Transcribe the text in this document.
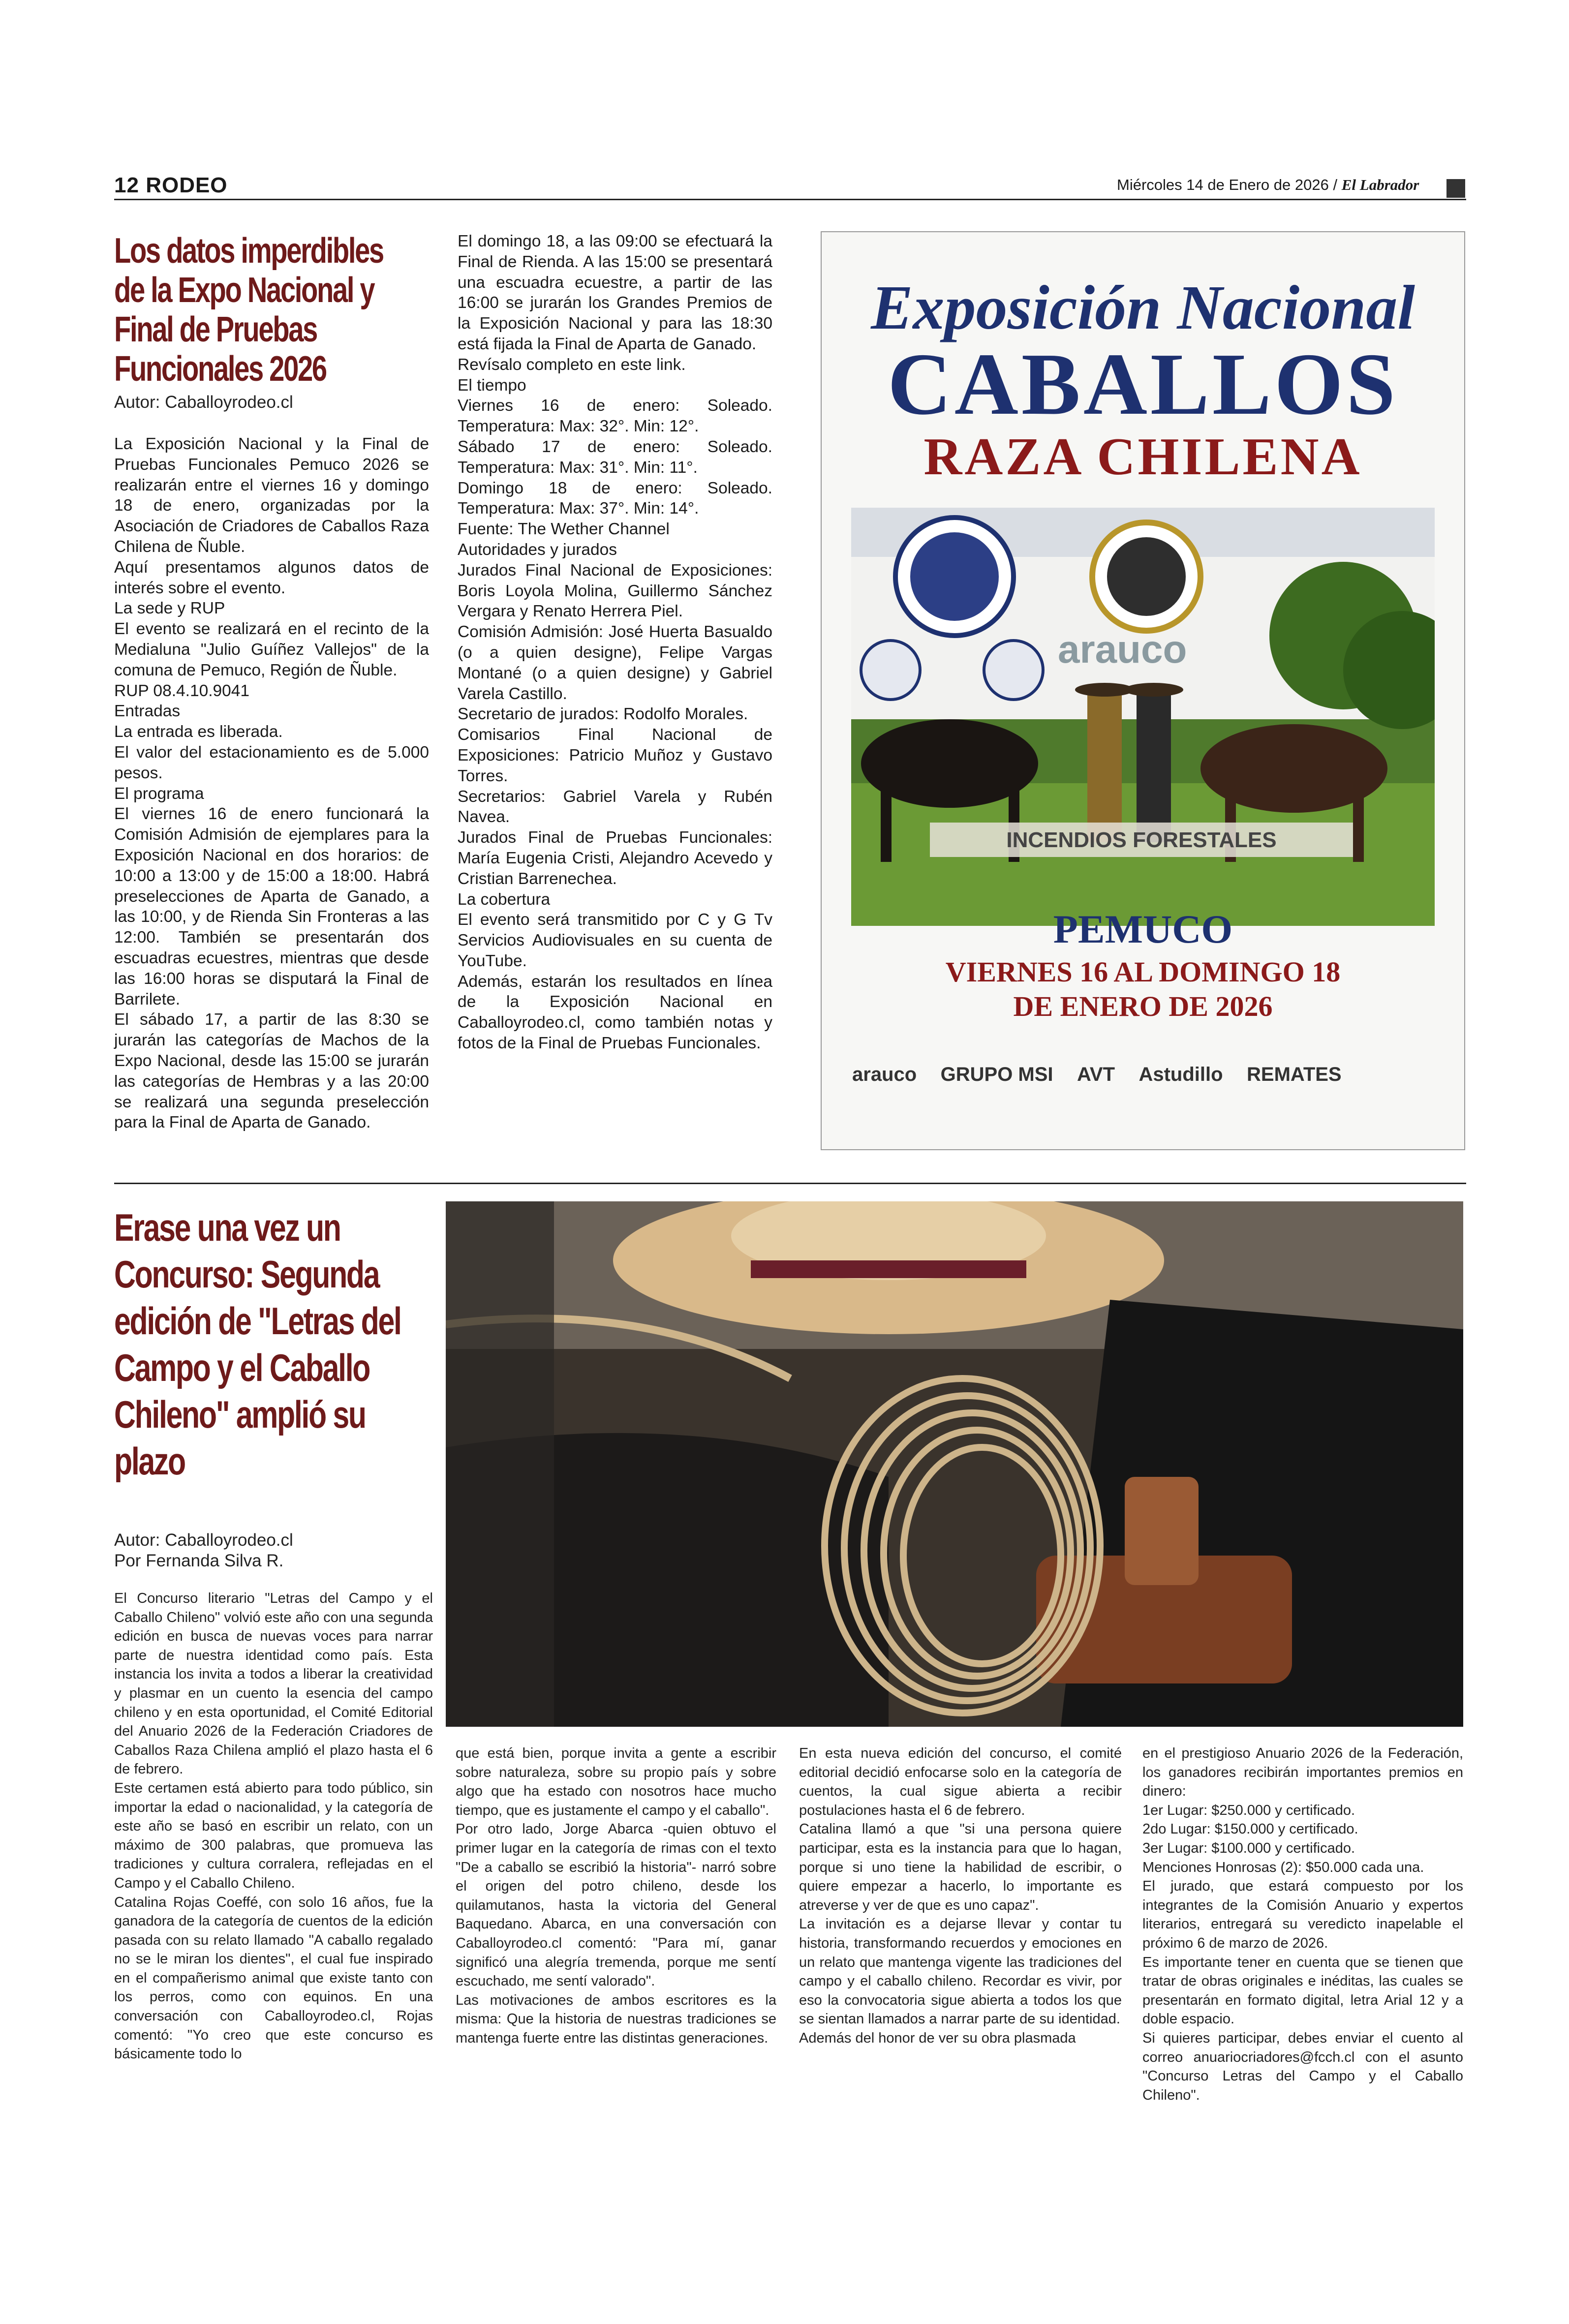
12 RODEO	Miércoles 14 de Enero de 2026 / El Labrador
Los datos imperdibles de la Expo Nacional y Final de Pruebas Funcionales 2026
Autor: Caballoyrodeo.cl

La Exposición Nacional y la Final de Pruebas Funcionales Pemuco 2026 se realizarán entre el viernes 16 y domingo 18 de enero, organizadas por la Asociación de Criadores de Caballos Raza Chilena de Ñuble.

Aquí presentamos algunos datos de interés sobre el evento.

La sede y RUP

El evento se realizará en el recinto de la Medialuna "Julio Guíñez Vallejos" de la comuna de Pemuco, Región de Ñuble.

RUP 08.4.10.9041

Entradas

La entrada es liberada.

El valor del estacionamiento es de 5.000 pesos.

El programa

El viernes 16 de enero funcionará la Comisión Admisión de ejemplares para la Exposición Nacional en dos horarios: de 10:00 a 13:00 y de 15:00 a 18:00. Habrá preselecciones de Aparta de Ganado, a las 10:00, y de Rienda Sin Fronteras a las 12:00. También se presentarán dos escuadras ecuestres, mientras que desde las 16:00 horas se disputará la Final de Barrilete.

El sábado 17, a partir de las 8:30 se jurarán las categorías de Machos de la Expo Nacional, desde las 15:00 se jurarán las categorías de Hembras y a las 20:00 se realizará una segunda preselección para la Final de Aparta de Ganado.

El domingo 18, a las 09:00 se efectuará la Final de Rienda. A las 15:00 se presentará una escuadra ecuestre, a partir de las 16:00 se jurarán los Grandes Premios de la Exposición Nacional y para las 18:30 está fijada la Final de Aparta de Ganado.

Revísalo completo en este link.

El tiempo

Viernes 16 de enero: Soleado. Temperatura: Max: 32°. Min: 12°.

Sábado 17 de enero: Soleado. Temperatura: Max: 31°. Min: 11°.

Domingo 18 de enero: Soleado. Temperatura: Max: 37°. Min: 14°.

Fuente: The Wether Channel

Autoridades y jurados

Jurados Final Nacional de Exposiciones: Boris Loyola Molina, Guillermo Sánchez Vergara y Renato Herrera Piel.

Comisión Admisión: José Huerta Basualdo (o a quien designe), Felipe Vargas Montané (o a quien designe) y Gabriel Varela Castillo.

Secretario de jurados: Rodolfo Morales.

Comisarios Final Nacional de Exposiciones: Patricio Muñoz y Gustavo Torres.

Secretarios: Gabriel Varela y Rubén Navea.

Jurados Final de Pruebas Funcionales: María Eugenia Cristi, Alejandro Acevedo y Cristian Barrenechea.

La cobertura

El evento será transmitido por C y G Tv Servicios Audiovisuales en su cuenta de YouTube.

Además, estarán los resultados en línea de la Exposición Nacional en Caballoyrodeo.cl, como también notas y fotos de la Final de Pruebas Funcionales.

Exposición Nacional
CABALLOS
RAZA CHILENA
arauco
INCENDIOS FORESTALES
PEMUCO
VIERNES 16 AL DOMINGO 18
DE ENERO DE 2026
arauco GRUPO MSI AVT Astudillo REMATES
Erase una vez un Concurso: Segunda edición de "Letras del Campo y el Caballo Chileno" amplió su plazo
Autor: Caballoyrodeo.cl
Por Fernanda Silva R.

El Concurso literario "Letras del Campo y el Caballo Chileno" volvió este año con una segunda edición en busca de nuevas voces para narrar parte de nuestra identidad como país. Esta instancia los invita a todos a liberar la creatividad y plasmar en un cuento la esencia del campo chileno y en esta oportunidad, el Comité Editorial del Anuario 2026 de la Federación Criadores de Caballos Raza Chilena amplió el plazo hasta el 6 de febrero.

Este certamen está abierto para todo público, sin importar la edad o nacionalidad, y la categoría de este año se basó en escribir un relato, con un máximo de 300 palabras, que promueva las tradiciones y cultura corralera, reflejadas en el Campo y el Caballo Chileno.

Catalina Rojas Coeffé, con solo 16 años, fue la ganadora de la categoría de cuentos de la edición pasada con su relato llamado "A caballo regalado no se le miran los dientes", el cual fue inspirado en el compañerismo animal que existe tanto con los perros, como con equinos. En una conversación con Caballoyrodeo.cl, Rojas comentó: "Yo creo que este concurso es básicamente todo lo

que está bien, porque invita a gente a escribir sobre naturaleza, sobre su propio país y sobre algo que ha estado con nosotros hace mucho tiempo, que es justamente el campo y el caballo".

Por otro lado, Jorge Abarca -quien obtuvo el primer lugar en la categoría de rimas con el texto "De a caballo se escribió la historia"- narró sobre el origen del potro chileno, desde los quilamutanos, hasta la victoria del General Baquedano. Abarca, en una conversación con Caballoyrodeo.cl comentó: "Para mí, ganar significó una alegría tremenda, porque me sentí escuchado, me sentí valorado".

Las motivaciones de ambos escritores es la misma: Que la historia de nuestras tradiciones se mantenga fuerte entre las distintas generaciones.

En esta nueva edición del concurso, el comité editorial decidió enfocarse solo en la categoría de cuentos, la cual sigue abierta a recibir postulaciones hasta el 6 de febrero.

Catalina llamó a que "si una persona quiere participar, esta es la instancia para que lo hagan, porque si uno tiene la habilidad de escribir, o quiere empezar a hacerlo, lo importante es atreverse y ver de que es uno capaz".

La invitación es a dejarse llevar y contar tu historia, transformando recuerdos y emociones en un relato que mantenga vigente las tradiciones del campo y el caballo chileno. Recordar es vivir, por eso la convocatoria sigue abierta a todos los que se sientan llamados a narrar parte de su identidad.

Además del honor de ver su obra plasmada

en el prestigioso Anuario 2026 de la Federación, los ganadores recibirán importantes premios en dinero:

1er Lugar: $250.000 y certificado.

2do Lugar: $150.000 y certificado.

3er Lugar: $100.000 y certificado.

Menciones Honrosas (2): $50.000 cada una.

El jurado, que estará compuesto por los integrantes de la Comisión Anuario y expertos literarios, entregará su veredicto inapelable el próximo 6 de marzo de 2026.

Es importante tener en cuenta que se tienen que tratar de obras originales e inéditas, las cuales se presentarán en formato digital, letra Arial 12 y a doble espacio.

Si quieres participar, debes enviar el cuento al correo anuariocriadores@fcch.cl con el asunto "Concurso Letras del Campo y el Caballo Chileno".
